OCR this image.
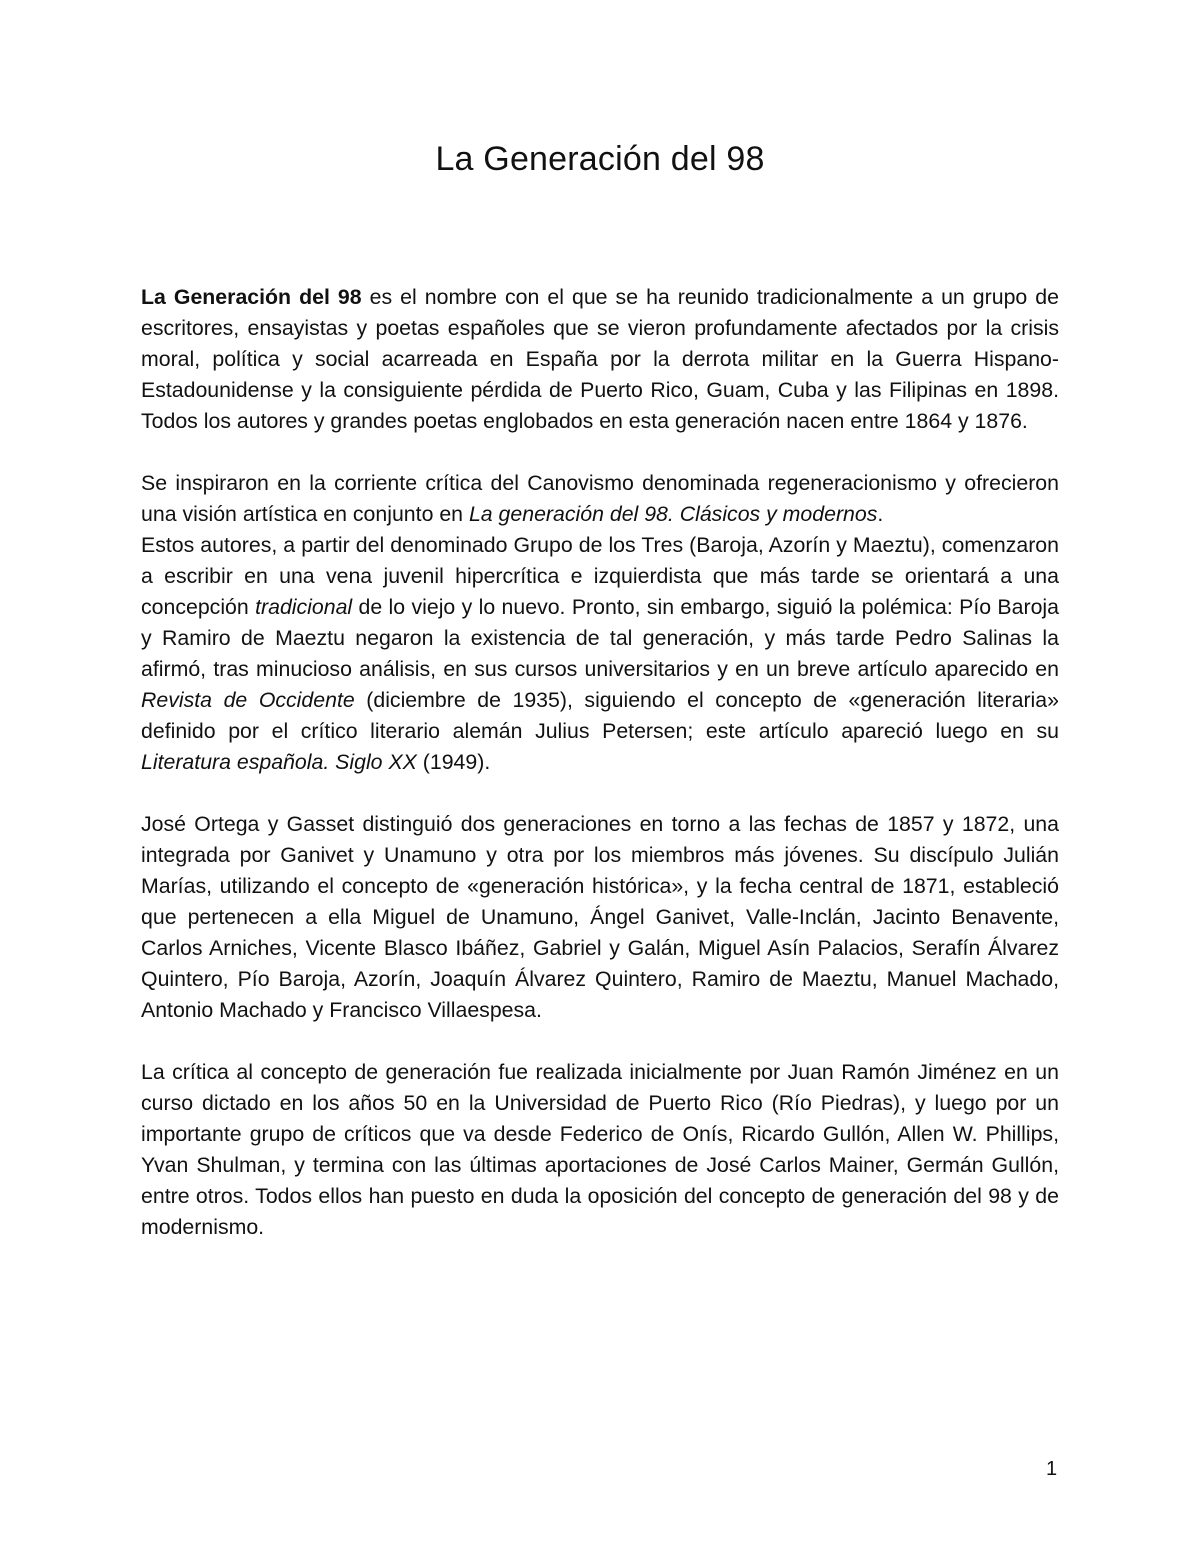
La Generación del 98

La Generación del 98 es el nombre con el que se ha reunido tradicionalmente a un grupo de escritores, ensayistas y poetas españoles que se vieron profundamente afectados por la crisis moral, política y social acarreada en España por la derrota militar en la Guerra Hispano-Estadounidense y la consiguiente pérdida de Puerto Rico, Guam, Cuba y las Filipinas en 1898. Todos los autores y grandes poetas englobados en esta generación nacen entre 1864 y 1876.

Se inspiraron en la corriente crítica del Canovismo denominada regeneracionismo y ofrecieron una visión artística en conjunto en La generación del 98. Clásicos y modernos.

Estos autores, a partir del denominado Grupo de los Tres (Baroja, Azorín y Maeztu), comenzaron a escribir en una vena juvenil hipercrítica e izquierdista que más tarde se orientará a una concepción tradicional de lo viejo y lo nuevo. Pronto, sin embargo, siguió la polémica: Pío Baroja y Ramiro de Maeztu negaron la existencia de tal generación, y más tarde Pedro Salinas la afirmó, tras minucioso análisis, en sus cursos universitarios y en un breve artículo aparecido en Revista de Occidente (diciembre de 1935), siguiendo el concepto de «generación literaria» definido por el crítico literario alemán Julius Petersen; este artículo apareció luego en su Literatura española. Siglo XX (1949).

José Ortega y Gasset distinguió dos generaciones en torno a las fechas de 1857 y 1872, una integrada por Ganivet y Unamuno y otra por los miembros más jóvenes. Su discípulo Julián Marías, utilizando el concepto de «generación histórica», y la fecha central de 1871, estableció que pertenecen a ella Miguel de Unamuno, Ángel Ganivet, Valle-Inclán, Jacinto Benavente, Carlos Arniches, Vicente Blasco Ibáñez, Gabriel y Galán, Miguel Asín Palacios, Serafín Álvarez Quintero, Pío Baroja, Azorín, Joaquín Álvarez Quintero, Ramiro de Maeztu, Manuel Machado, Antonio Machado y Francisco Villaespesa.

La crítica al concepto de generación fue realizada inicialmente por Juan Ramón Jiménez en un curso dictado en los años 50 en la Universidad de Puerto Rico (Río Piedras), y luego por un importante grupo de críticos que va desde Federico de Onís, Ricardo Gullón, Allen W. Phillips, Yvan Shulman, y termina con las últimas aportaciones de José Carlos Mainer, Germán Gullón, entre otros. Todos ellos han puesto en duda la oposición del concepto de generación del 98 y de modernismo.

1
